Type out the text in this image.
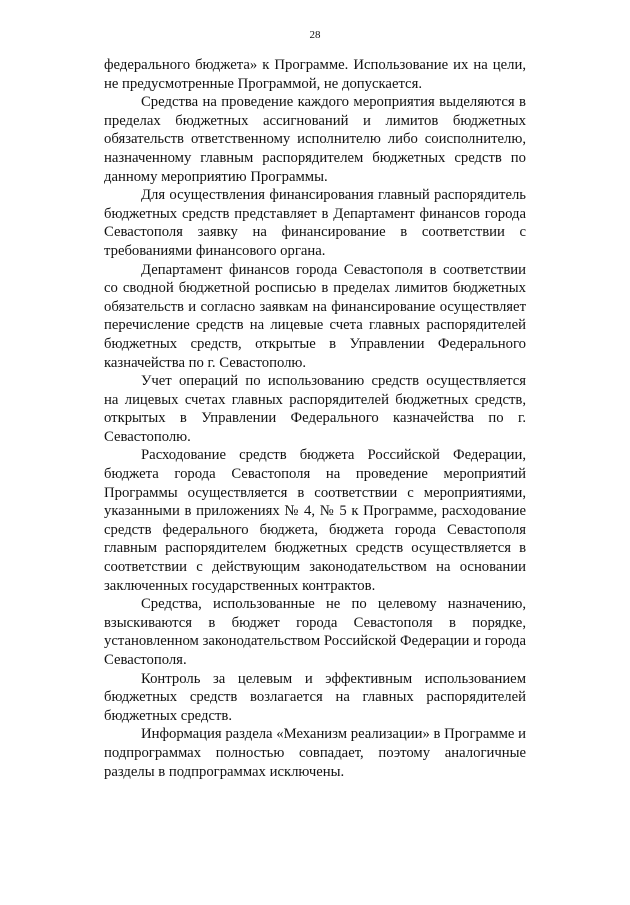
28

федерального бюджета» к Программе. Использование их на цели, не предусмотренные Программой, не допускается.

Средства на проведение каждого мероприятия выделяются в пределах бюджетных ассигнований и лимитов бюджетных обязательств ответственному исполнителю либо соисполнителю, назначенному главным распорядителем бюджетных средств по данному мероприятию Программы.

Для осуществления финансирования главный распорядитель бюджетных средств представляет в Департамент финансов города Севастополя заявку на финансирование в соответствии с требованиями финансового органа.

Департамент финансов города Севастополя в соответствии со сводной бюджетной росписью в пределах лимитов бюджетных обязательств и согласно заявкам на финансирование осуществляет перечисление средств на лицевые счета главных распорядителей бюджетных средств, открытые в Управлении Федерального казначейства по г. Севастополю.

Учет операций по использованию средств осуществляется на лицевых счетах главных распорядителей бюджетных средств, открытых в Управлении Федерального казначейства по г. Севастополю.

Расходование средств бюджета Российской Федерации, бюджета города Севастополя на проведение мероприятий Программы осуществляется в соответствии с мероприятиями, указанными в приложениях № 4, № 5 к Программе, расходование средств федерального бюджета, бюджета города Севастополя главным распорядителем бюджетных средств осуществляется в соответствии с действующим законодательством на основании заключенных государственных контрактов.

Средства, использованные не по целевому назначению, взыскиваются в бюджет города Севастополя в порядке, установленном законодательством Российской Федерации и города Севастополя.

Контроль за целевым и эффективным использованием бюджетных средств возлагается на главных распорядителей бюджетных средств.

Информация раздела «Механизм реализации» в Программе и подпрограммах полностью совпадает, поэтому аналогичные разделы в подпрограммах исключены.
